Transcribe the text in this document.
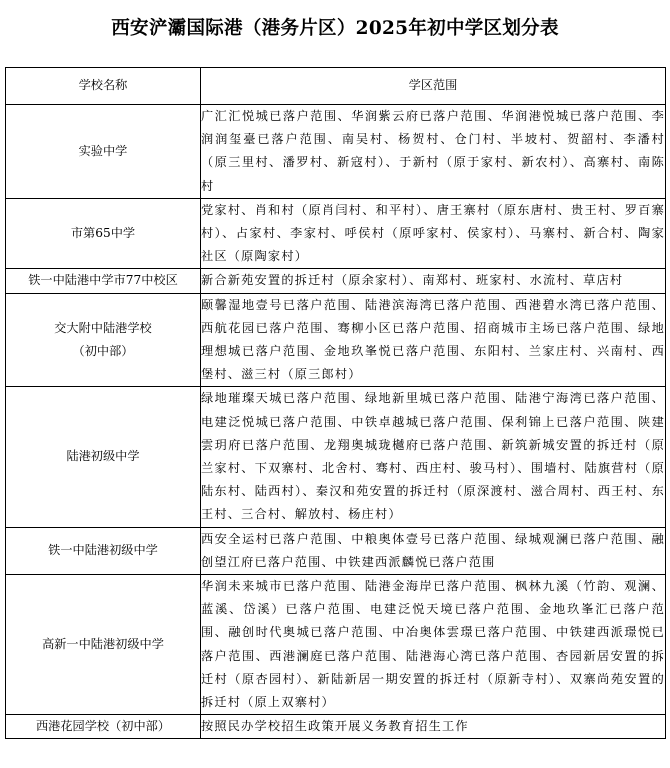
西安浐灞国际港（港务片区）2025年初中学区划分表
学校名称	学区范围

实验中学	广汇汇悦城已落户范围、华润紫云府已落户范围、华润港悦城已落户范围、李润润玺臺已落户范围、南吴村、杨贺村、仓门村、半坡村、贺韶村、李潘村（原三里村、潘罗村、新寇村）、于新村（原于家村、新农村）、高寨村、南陈村

市第65中学	党家村、肖和村（原肖闫村、和平村）、唐王寨村（原东唐村、贵王村、罗百寨村）、占家村、李家村、呼侯村（原呼家村、侯家村）、马寨村、新合村、陶家社区（原陶家村）

铁一中陆港中学市77中校区	新合新苑安置的拆迁村（原余家村）、南郑村、班家村、水流村、草店村

交大附中陆港学校
（初中部）	颐馨湿地壹号已落户范围、陆港滨海湾已落户范围、西港碧水湾已落户范围、西航花园已落户范围、骞柳小区已落户范围、招商城市主场已落户范围、绿地理想城已落户范围、金地玖峯悦已落户范围、东阳村、兰家庄村、兴南村、西堡村、滋三村（原三郎村）

陆港初级中学	绿地璀璨天城已落户范围、绿地新里城已落户范围、陆港宁海湾已落户范围、电建泛悦城已落户范围、中铁卓越城已落户范围、保利锦上已落户范围、陕建雲玥府已落户范围、龙翔奥城珑樾府已落户范围、新筑新城安置的拆迁村（原兰家村、下双寨村、北舍村、骞村、西庄村、骏马村）、围墙村、陆旗营村（原陆东村、陆西村）、秦汉和苑安置的拆迁村（原深渡村、滋合周村、西王村、东王村、三合村、解放村、杨庄村）

铁一中陆港初级中学	西安全运村已落户范围、中粮奥体壹号已落户范围、绿城观澜已落户范围、融创望江府已落户范围、中铁建西派麟悦已落户范围

高新一中陆港初级中学	华润未来城市已落户范围、陆港金海岸已落户范围、枫林九溪（竹韵、观澜、蓝溪、岱溪）已落户范围、电建泛悦天境已落户范围、金地玖峯汇已落户范围、融创时代奥城已落户范围、中冶奥体雲璟已落户范围、中铁建西派璟悦已落户范围、西港澜庭已落户范围、陆港海心湾已落户范围、杏园新居安置的拆迁村（原杏园村）、新陆新居一期安置的拆迁村（原新寺村）、双寨尚苑安置的拆迁村（原上双寨村）

西港花园学校（初中部）	按照民办学校招生政策开展义务教育招生工作
